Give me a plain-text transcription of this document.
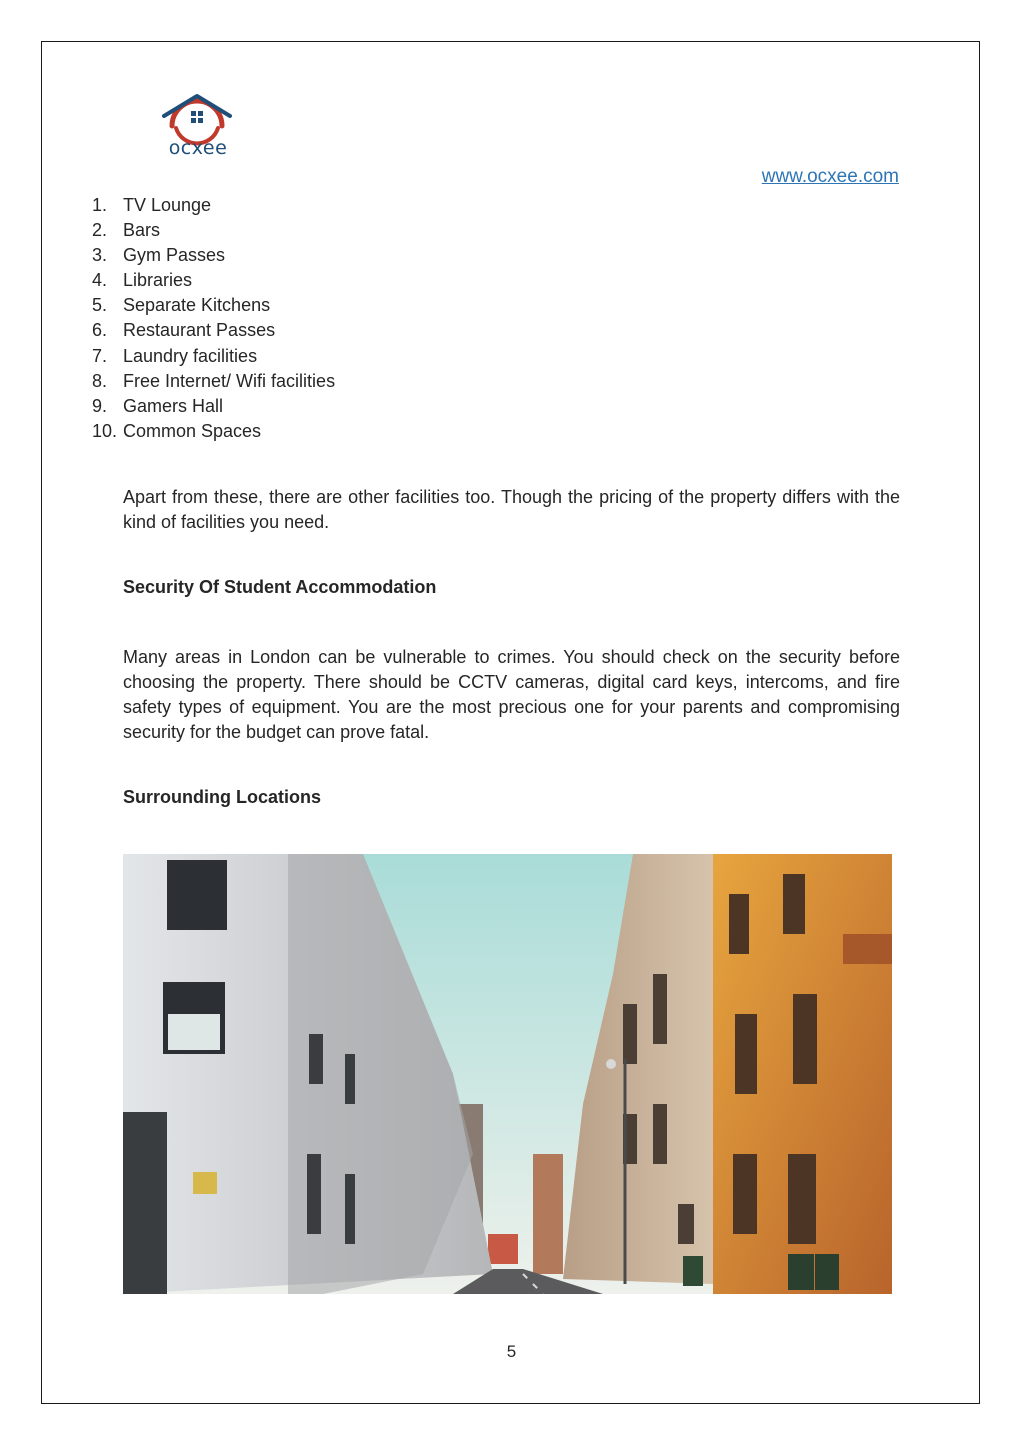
ocxee
www.ocxee.com
1. TV Lounge
2. Bars
3. Gym Passes
4. Libraries
5. Separate Kitchens
6. Restaurant Passes
7. Laundry facilities
8. Free Internet/ Wifi facilities
9. Gamers Hall
10. Common Spaces

Apart from these, there are other facilities too. Though the pricing of the property differs with the kind of facilities you need.

Security Of Student Accommodation

Many areas in London can be vulnerable to crimes. You should check on the security before choosing the property. There should be CCTV cameras, digital card keys, intercoms, and fire safety types of equipment. You are the most precious one for your parents and compromising security for the budget can prove fatal.

Surrounding Locations
5
